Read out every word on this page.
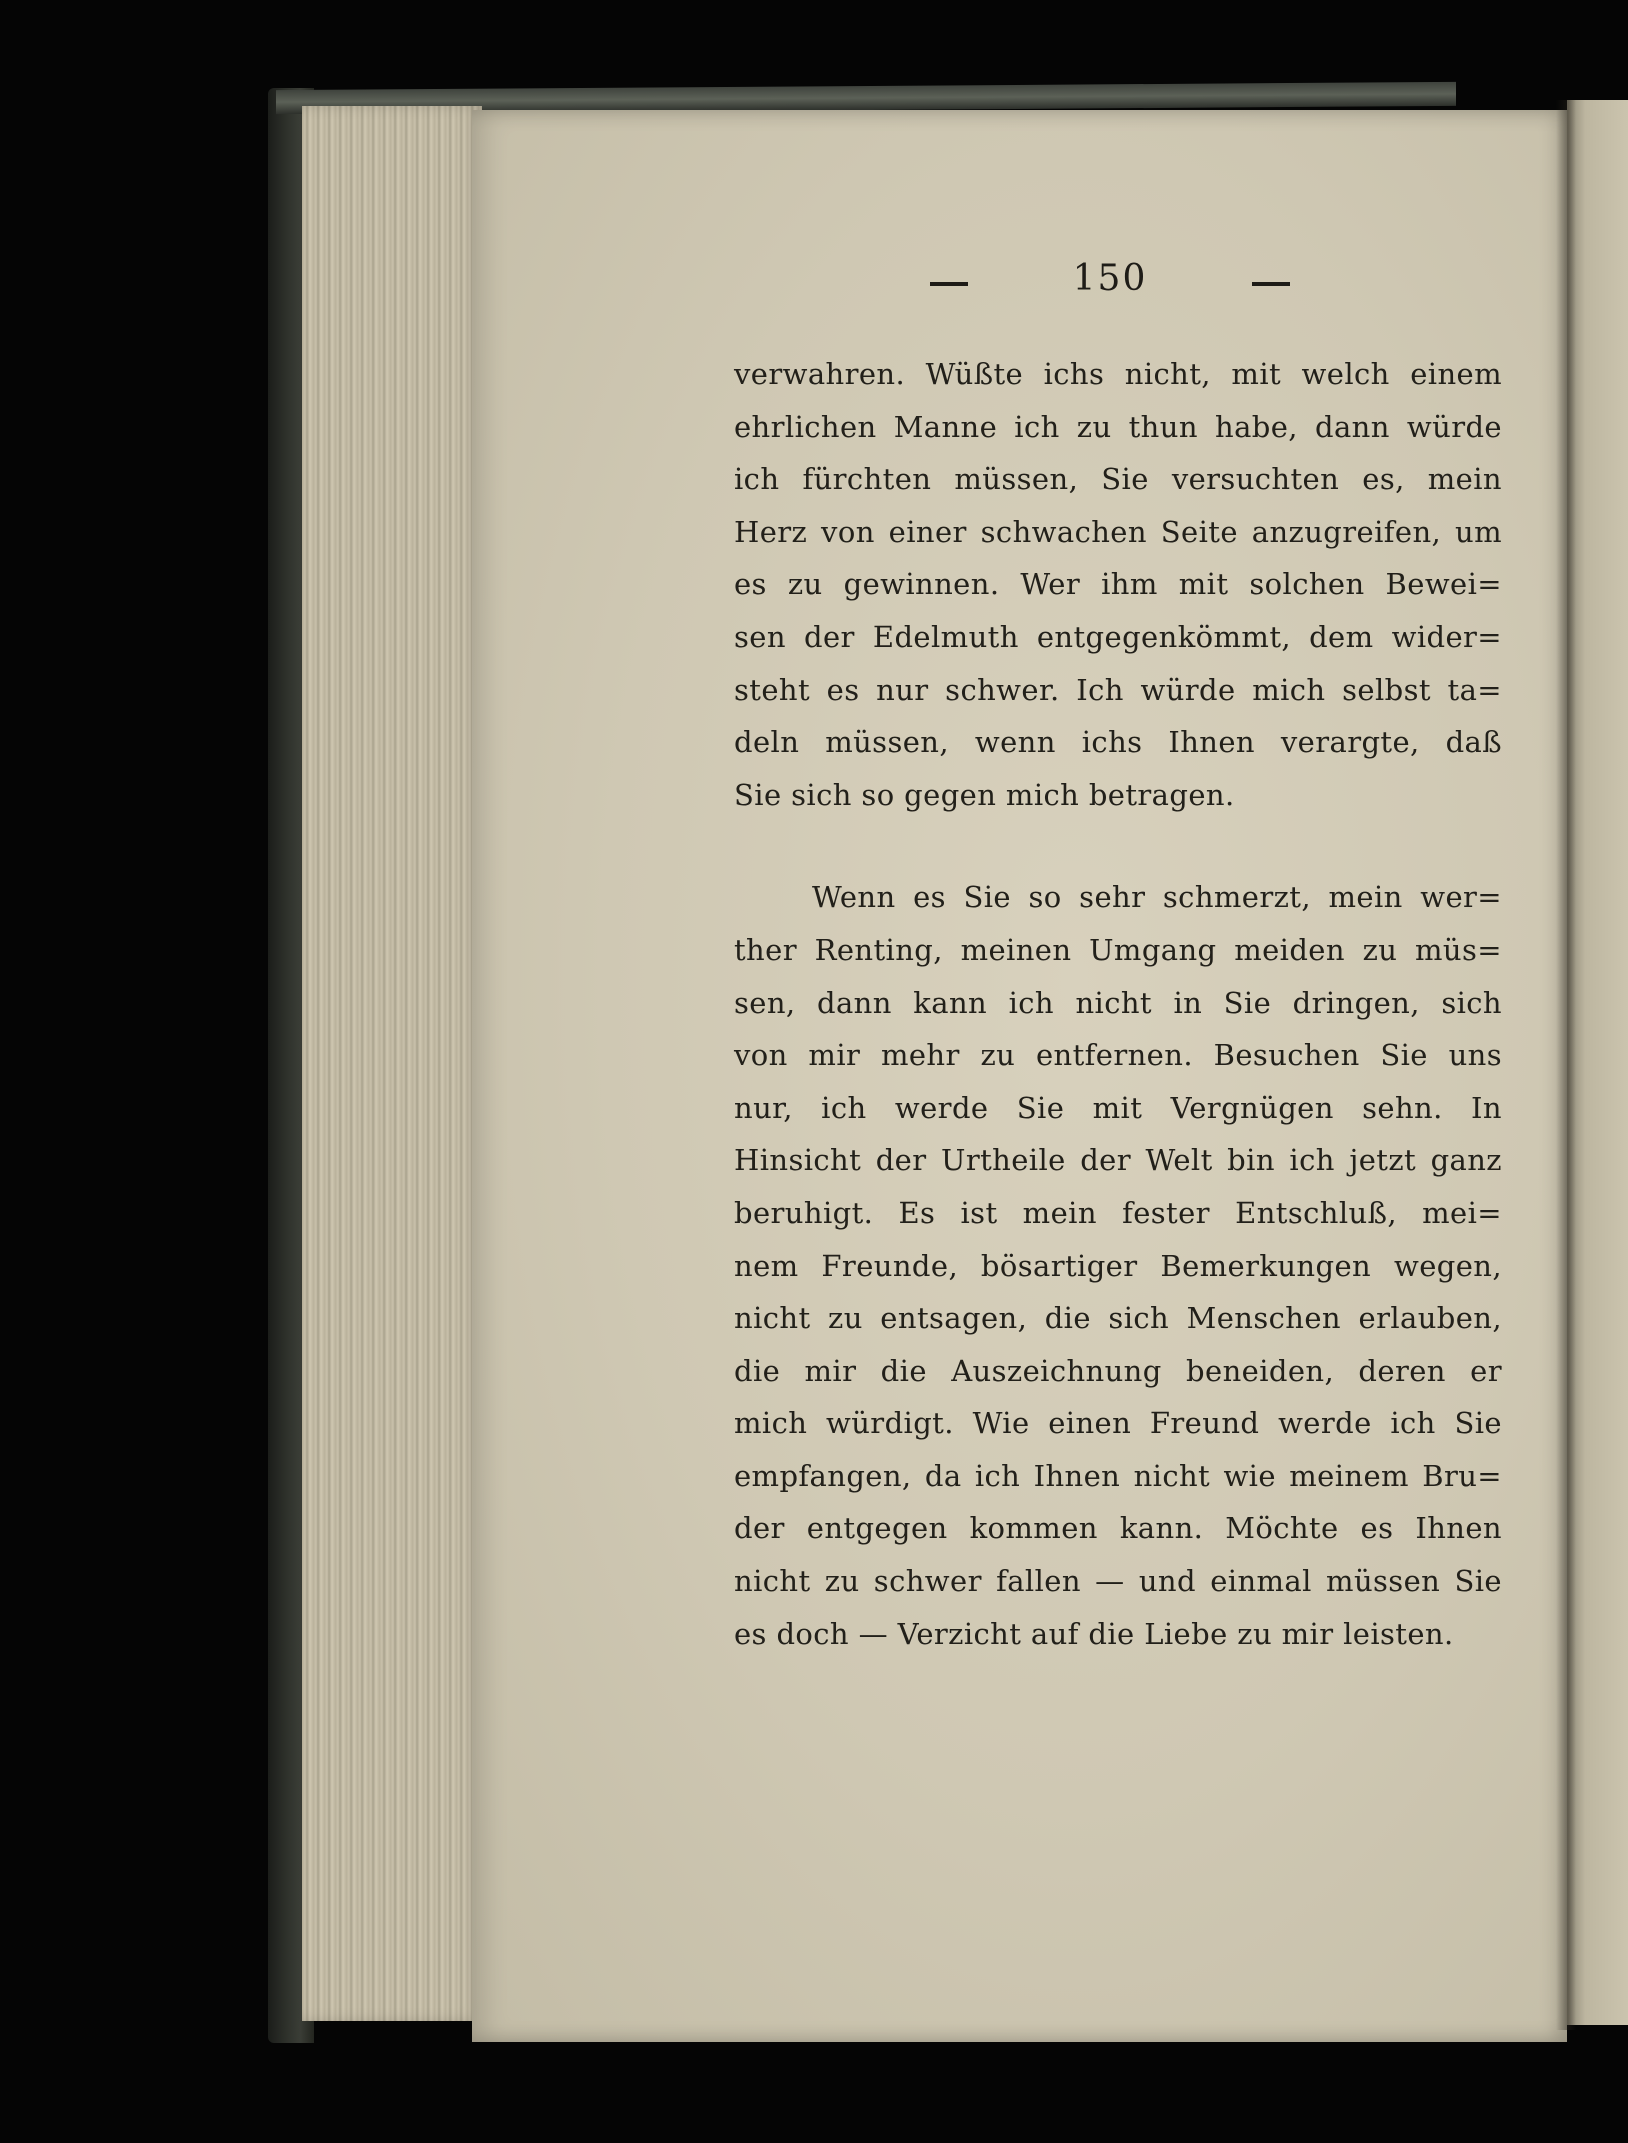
150
verwahren. Wüßte ichs nicht, mit welch einem
ehrlichen Manne ich zu thun habe, dann würde
ich fürchten müssen, Sie versuchten es, mein
Herz von einer schwachen Seite anzugreifen, um
es zu gewinnen. Wer ihm mit solchen Bewei=
sen der Edelmuth entgegenkömmt, dem wider=
steht es nur schwer. Ich würde mich selbst ta=
deln müssen, wenn ichs Ihnen verargte, daß
Sie sich so gegen mich betragen.
Wenn es Sie so sehr schmerzt, mein wer=
ther Renting, meinen Umgang meiden zu müs=
sen, dann kann ich nicht in Sie dringen, sich
von mir mehr zu entfernen. Besuchen Sie uns
nur, ich werde Sie mit Vergnügen sehn. In
Hinsicht der Urtheile der Welt bin ich jetzt ganz
beruhigt. Es ist mein fester Entschluß, mei=
nem Freunde, bösartiger Bemerkungen wegen,
nicht zu entsagen, die sich Menschen erlauben,
die mir die Auszeichnung beneiden, deren er
mich würdigt. Wie einen Freund werde ich Sie
empfangen, da ich Ihnen nicht wie meinem Bru=
der entgegen kommen kann. Möchte es Ihnen
nicht zu schwer fallen — und einmal müssen Sie
es doch — Verzicht auf die Liebe zu mir leisten.
